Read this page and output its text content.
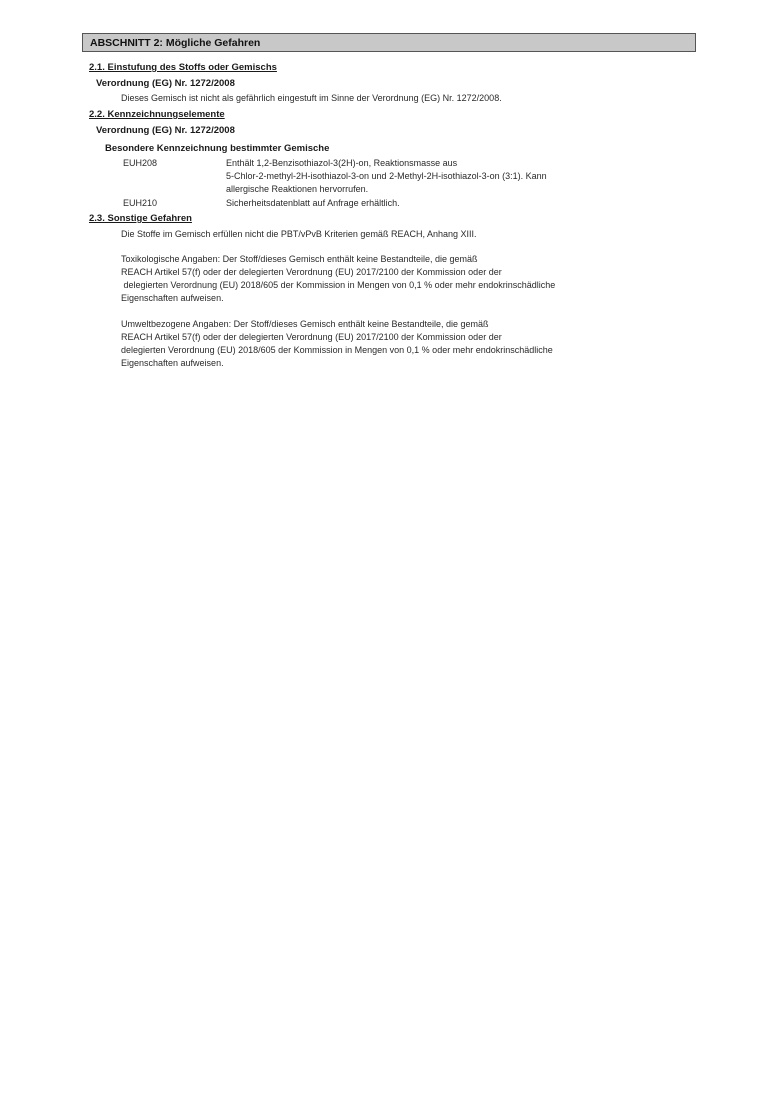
ABSCHNITT 2: Mögliche Gefahren
2.1. Einstufung des Stoffs oder Gemischs
Verordnung (EG) Nr. 1272/2008
Dieses Gemisch ist nicht als gefährlich eingestuft im Sinne der Verordnung (EG) Nr. 1272/2008.
2.2. Kennzeichnungselemente
Verordnung (EG) Nr. 1272/2008
Besondere Kennzeichnung bestimmter Gemische
EUH208	Enthält 1,2-Benzisothiazol-3(2H)-on, Reaktionsmasse aus
5-Chlor-2-methyl-2H-isothiazol-3-on und 2-Methyl-2H-isothiazol-3-on (3:1). Kann
allergische Reaktionen hervorrufen.
EUH210	Sicherheitsdatenblatt auf Anfrage erhältlich.
2.3. Sonstige Gefahren
Die Stoffe im Gemisch erfüllen nicht die PBT/vPvB Kriterien gemäß REACH, Anhang XIII.
Toxikologische Angaben: Der Stoff/dieses Gemisch enthält keine Bestandteile, die gemäß
REACH Artikel 57(f) oder der delegierten Verordnung (EU) 2017/2100 der Kommission oder der
delegierten Verordnung (EU) 2018/605 der Kommission in Mengen von 0,1 % oder mehr endokrinschädliche
Eigenschaften aufweisen.
Umweltbezogene Angaben: Der Stoff/dieses Gemisch enthält keine Bestandteile, die gemäß
REACH Artikel 57(f) oder der delegierten Verordnung (EU) 2017/2100 der Kommission oder der
delegierten Verordnung (EU) 2018/605 der Kommission in Mengen von 0,1 % oder mehr endokrinschädliche
Eigenschaften aufweisen.
